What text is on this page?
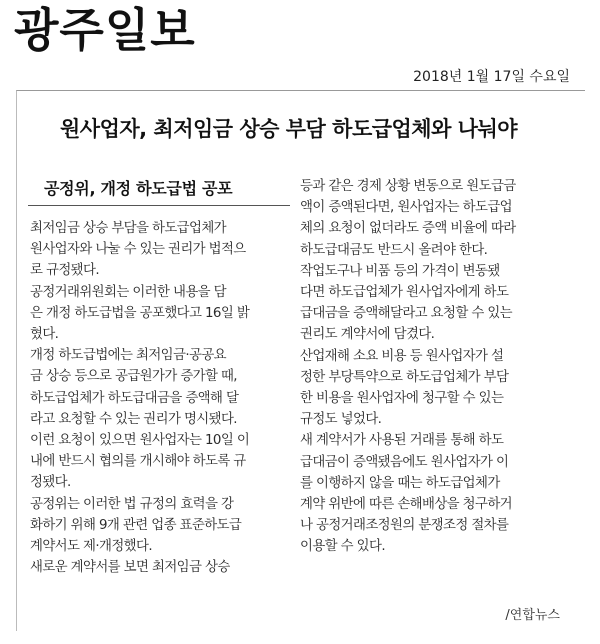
광주일보
2018년 1월 17일 수요일
원사업자, 최저임금 상승 부담 하도급업체와 나눠야
공정위, 개정 하도급법 공포
최저임금 상승 부담을 하도급업체가
원사업자와 나눌 수 있는 권리가 법적으
로 규정됐다.
공정거래위원회는 이러한 내용을 담
은 개정 하도급법을 공포했다고 16일 밝
혔다.
개정 하도급법에는 최저임금·공공요
금 상승 등으로 공급원가가 증가할 때,
하도급업체가 하도급대금을 증액해 달
라고 요청할 수 있는 권리가 명시됐다.
이런 요청이 있으면 원사업자는 10일 이
내에 반드시 협의를 개시해야 하도록 규
정됐다.
공정위는 이러한 법 규정의 효력을 강
화하기 위해 9개 관련 업종 표준하도급
계약서도 제·개정했다.
새로운 계약서를 보면 최저임금 상승
등과 같은 경제 상황 변동으로 원도급금
액이 증액된다면, 원사업자는 하도급업
체의 요청이 없더라도 증액 비율에 따라
하도급대금도 반드시 올려야 한다.
작업도구나 비품 등의 가격이 변동됐
다면 하도급업체가 원사업자에게 하도
급대금을 증액해달라고 요청할 수 있는
권리도 계약서에 담겼다.
산업재해 소요 비용 등 원사업자가 설
정한 부당특약으로 하도급업체가 부담
한 비용을 원사업자에 청구할 수 있는
규정도 넣었다.
새 계약서가 사용된 거래를 통해 하도
급대금이 증액됐음에도 원사업자가 이
를 이행하지 않을 때는 하도급업체가
계약 위반에 따른 손해배상을 청구하거
나 공정거래조정원의 분쟁조정 절차를
이용할 수 있다.
/연합뉴스
